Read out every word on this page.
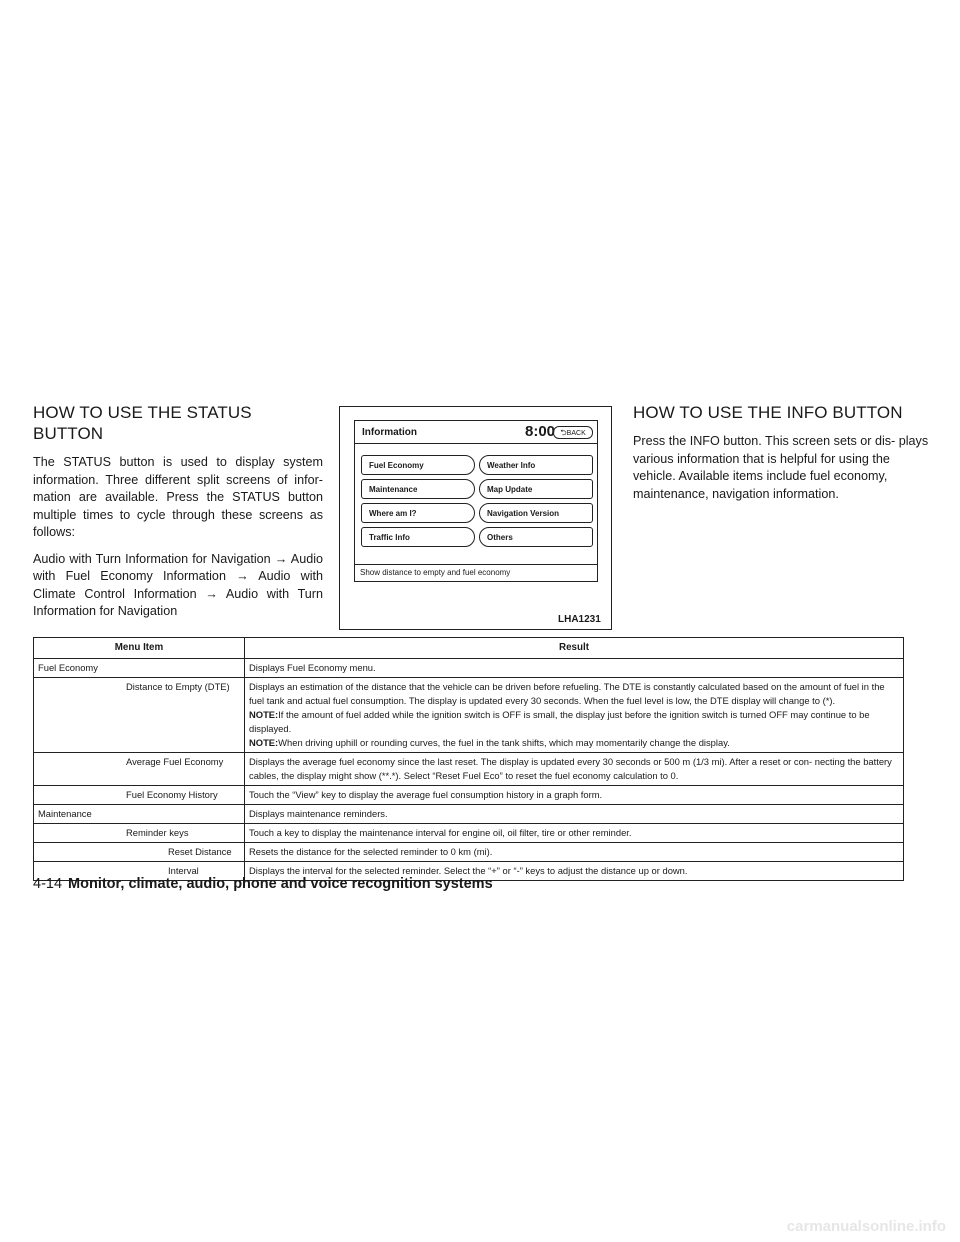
HOW TO USE THE STATUS
BUTTON

The STATUS button is used to display system information. Three different split screens of infor- mation are available. Press the STATUS button multiple times to cycle through these screens as follows:

Audio with Turn Information for Navigation → Audio with Fuel Economy Information → Audio with Climate Control Information → Audio with Turn Information for Navigation

Information	8:00 ⮌BACK
Fuel Economy
Maintenance
Where am I?
Traffic Info
Weather Info
Map Update
Navigation Version
Others
Show distance to empty and fuel economy
LHA1231
HOW TO USE THE INFO BUTTON

Press the INFO button. This screen sets or dis- plays various information that is helpful for using the vehicle. Available items include fuel economy, maintenance, navigation information.

Menu Item	Result

Fuel Economy	Displays Fuel Economy menu.

Distance to Empty (DTE)	Displays an estimation of the distance that the vehicle can be driven before refueling. The DTE is constantly calculated based on the amount of fuel in the fuel tank and actual fuel consumption. The display is updated every 30 seconds. When the fuel level is low, the DTE display will change to (*).
NOTE:If the amount of fuel added while the ignition switch is OFF is small, the display just before the ignition switch is turned OFF may continue to be displayed.
NOTE:When driving uphill or rounding curves, the fuel in the tank shifts, which may momentarily change the display.

Average Fuel Economy	Displays the average fuel economy since the last reset. The display is updated every 30 seconds or 500 m (1/3 mi). After a reset or con- necting the battery cables, the display might show (**.*). Select “Reset Fuel Eco” to reset the fuel economy calculation to 0.

Fuel Economy History	Touch the “View” key to display the average fuel consumption history in a graph form.

Maintenance	Displays maintenance reminders.

Reminder keys	Touch a key to display the maintenance interval for engine oil, oil filter, tire or other reminder.

Reset Distance	Resets the distance for the selected reminder to 0 km (mi).

Interval	Displays the interval for the selected reminder. Select the “+” or “-” keys to adjust the distance up or down.
4-14 Monitor, climate, audio, phone and voice recognition systems
carmanualsonline.info
